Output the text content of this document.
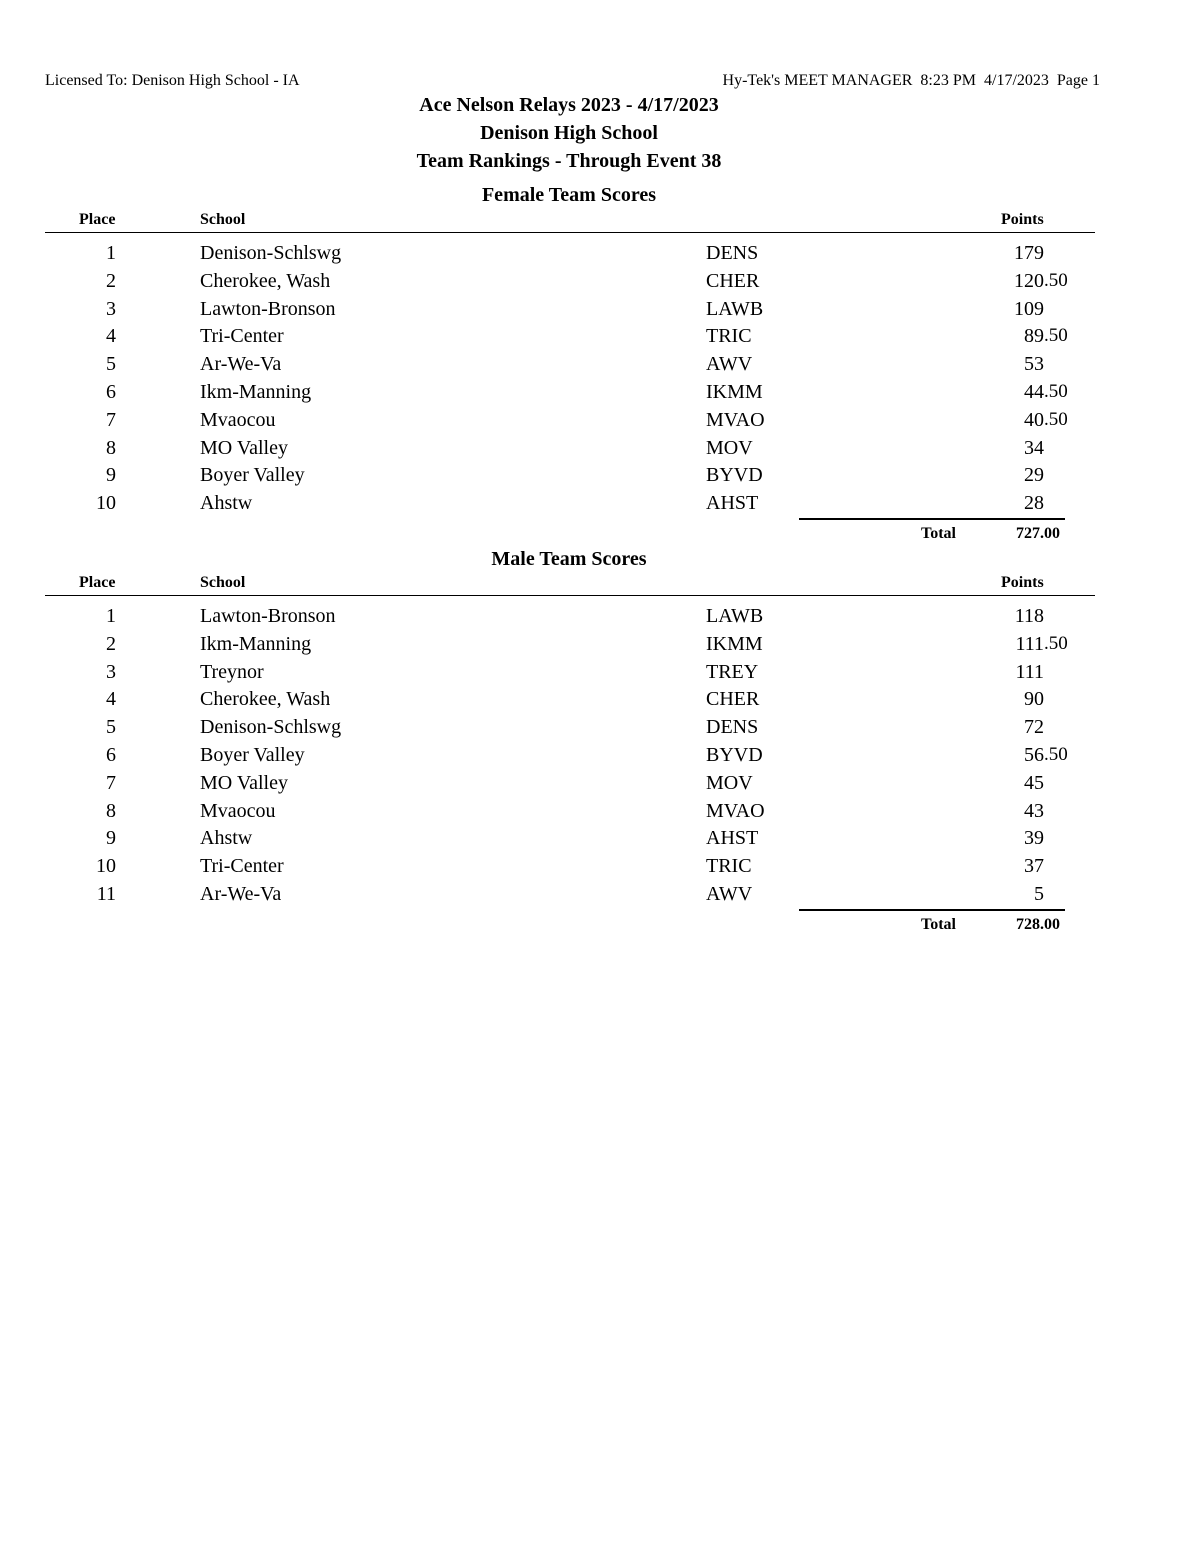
Licensed To: Denison High School - IA	Hy-Tek's MEET MANAGER  8:23 PM  4/17/2023  Page 1
Ace Nelson Relays 2023 - 4/17/2023
Denison High School
Team Rankings - Through Event 38
Female Team Scores
Place	School	Points
1	Denison-Schlswg	DENS	179
2	Cherokee, Wash	CHER	120 .50
3	Lawton-Bronson	LAWB	109
4	Tri-Center	TRIC	89 .50
5	Ar-We-Va	AWV	53
6	Ikm-Manning	IKMM	44 .50
7	Mvaocou	MVAO	40 .50
8	MO Valley	MOV	34
9	Boyer Valley	BYVD	29
10	Ahstw	AHST	28
Total	727.00
Male Team Scores
Place	School	Points
1	Lawton-Bronson	LAWB	118
2	Ikm-Manning	IKMM	111 .50
3	Treynor	TREY	111
4	Cherokee, Wash	CHER	90
5	Denison-Schlswg	DENS	72
6	Boyer Valley	BYVD	56 .50
7	MO Valley	MOV	45
8	Mvaocou	MVAO	43
9	Ahstw	AHST	39
10	Tri-Center	TRIC	37
11	Ar-We-Va	AWV	5
Total	728.00
